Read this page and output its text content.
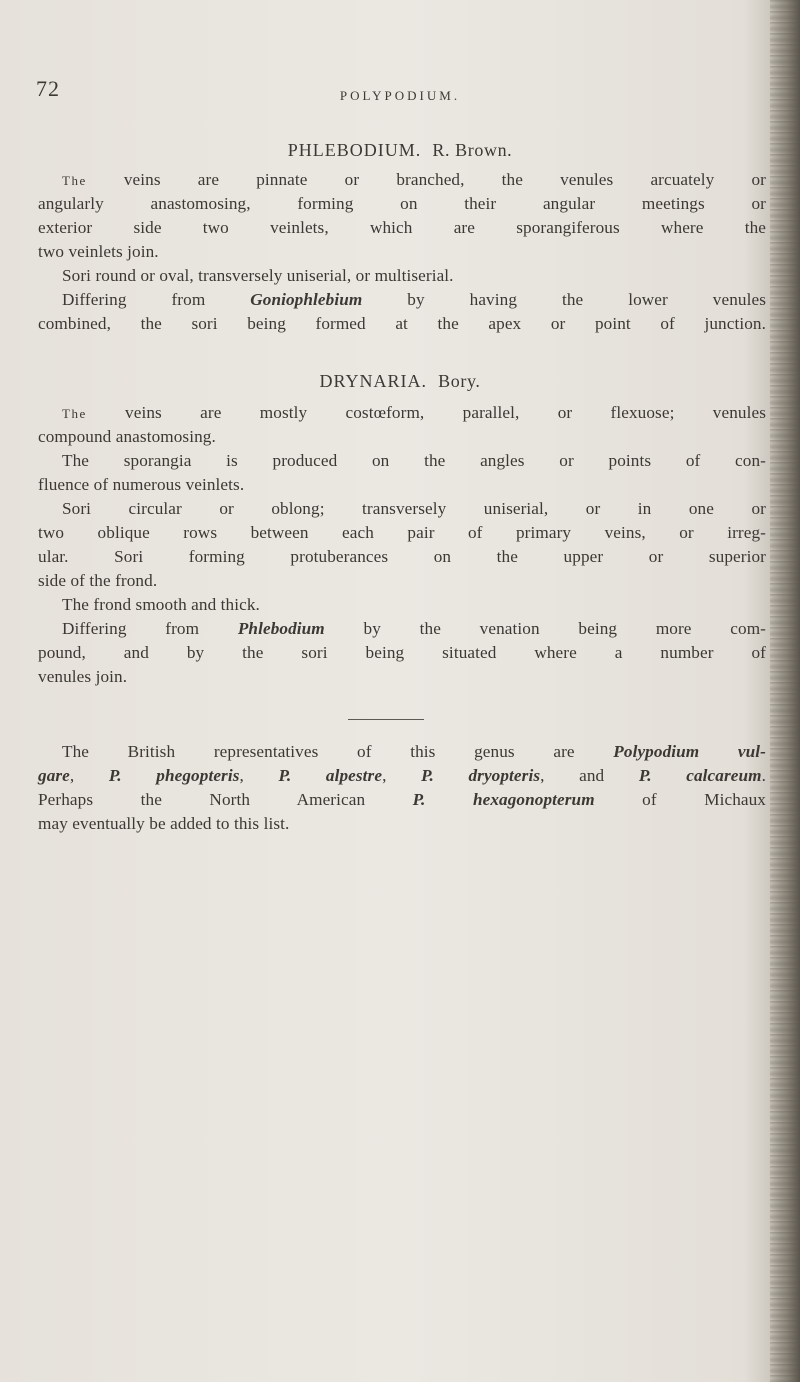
72	POLYPODIUM.
PHLEBODIUM. R. Brown.
The veins are pinnate or branched, the venules arcuately or
angularly anastomosing, forming on their angular meetings or
exterior side two veinlets, which are sporangiferous where the
two veinlets join.
Sori round or oval, transversely uniserial, or multiserial.
Differing from Goniophlebium by having the lower venules
combined, the sori being formed at the apex or point of junction.
DRYNARIA. Bory.
The veins are mostly costœform, parallel, or flexuose; venules
compound anastomosing.
The sporangia is produced on the angles or points of con-
fluence of numerous veinlets.
Sori circular or oblong; transversely uniserial, or in one or
two oblique rows between each pair of primary veins, or irreg-
ular. Sori forming protuberances on the upper or superior
side of the frond.
The frond smooth and thick.
Differing from Phlebodium by the venation being more com-
pound, and by the sori being situated where a number of
venules join.
The British representatives of this genus are Polypodium vul-
gare, P. phegopteris, P. alpestre, P. dryopteris, and P. calcareum.
Perhaps the North American P. hexagonopterum of Michaux
may eventually be added to this list.
